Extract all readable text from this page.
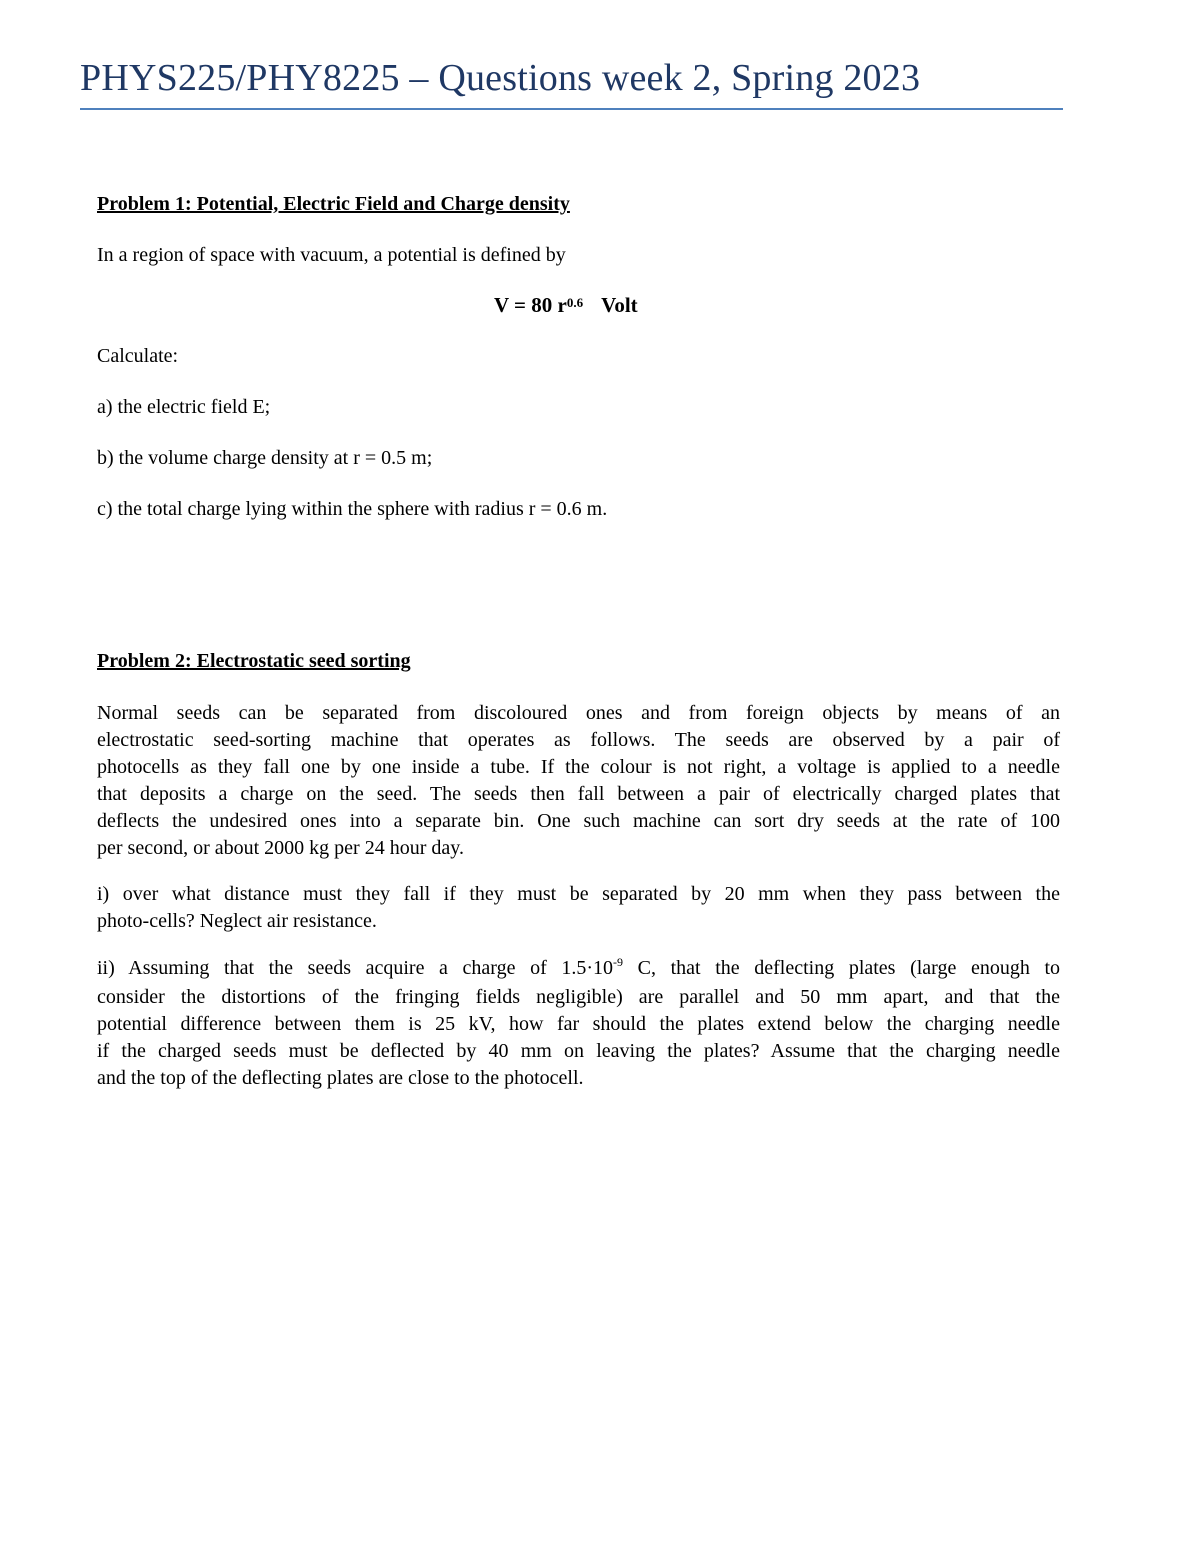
PHYS225/PHY8225 – Questions week 2, Spring 2023
Problem 1: Potential, Electric Field and Charge density
In a region of space with vacuum, a potential is defined by
V = 80 $r^{0.6}$ Volt
Calculate:
a) the electric field E;
b) the volume charge density at r = 0.5 m;
c) the total charge lying within the sphere with radius r = 0.6 m.
Problem 2: Electrostatic seed sorting
Normal seeds can be separated from discoloured ones and from foreign objects by means of an
electrostatic seed-sorting machine that operates as follows. The seeds are observed by a pair of
photocells as they fall one by one inside a tube. If the colour is not right, a voltage is applied to a needle
that deposits a charge on the seed. The seeds then fall between a pair of electrically charged plates that
deflects the undesired ones into a separate bin. One such machine can sort dry seeds at the rate of 100
per second, or about 2000 kg per 24 hour day.
i) over what distance must they fall if they must be separated by 20 mm when they pass between the
photo-cells? Neglect air resistance.
ii) Assuming that the seeds acquire a charge of $1.5\cdot 10^{-9}$ C, that the deflecting plates (large enough to
consider the distortions of the fringing fields negligible) are parallel and 50 mm apart, and that the
potential difference between them is 25 kV, how far should the plates extend below the charging needle
if the charged seeds must be deflected by 40 mm on leaving the plates? Assume that the charging needle
and the top of the deflecting plates are close to the photocell.
